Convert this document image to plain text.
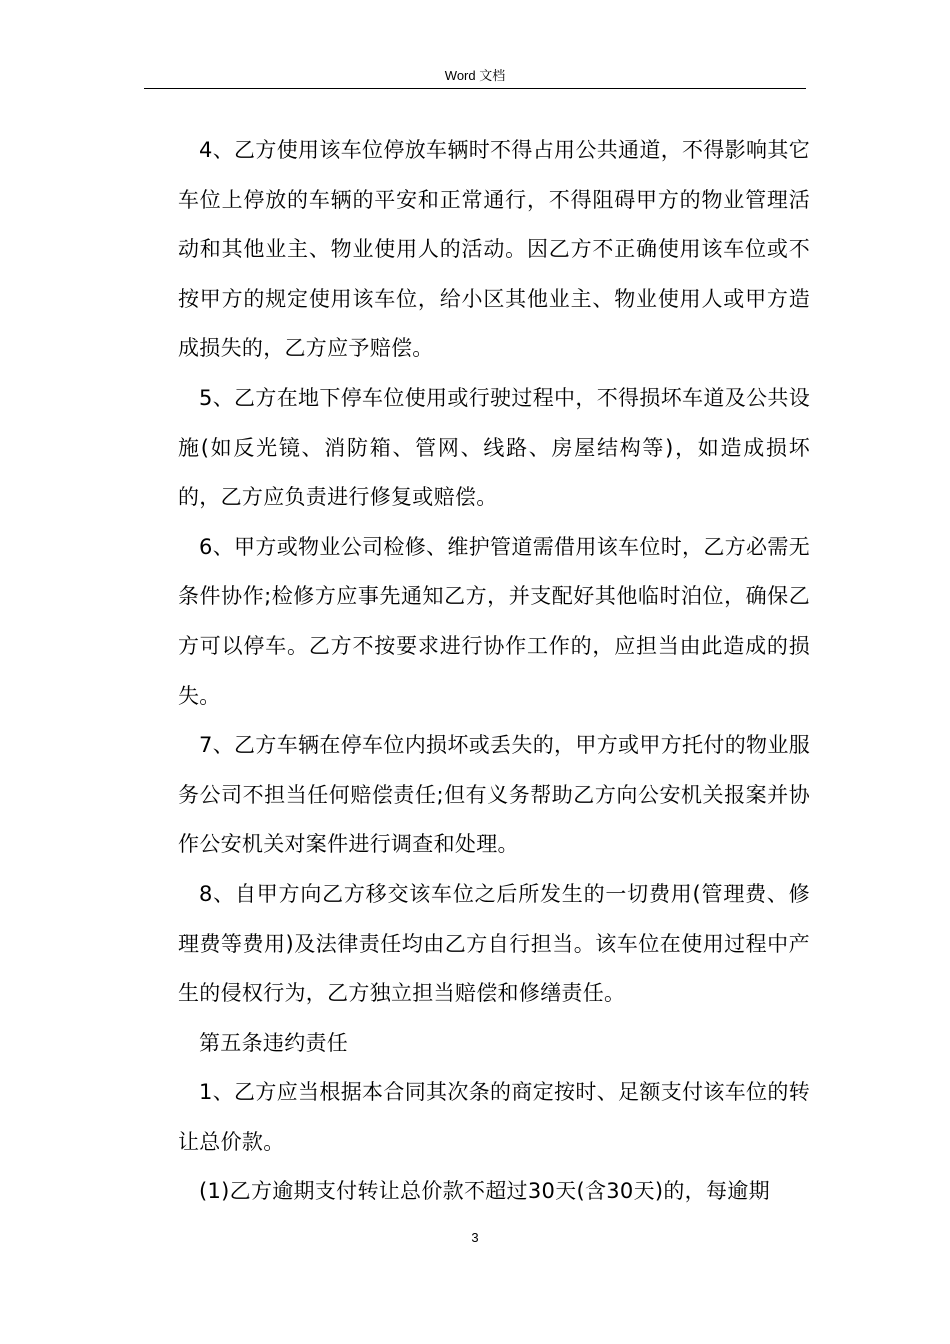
Word 文档

4、乙方使用该车位停放车辆时不得占用公共通道，不得影响其它车位上停放的车辆的平安和正常通行，不得阻碍甲方的物业管理活动和其他业主、物业使用人的活动。因乙方不正确使用该车位或不按甲方的规定使用该车位，给小区其他业主、物业使用人或甲方造成损失的，乙方应予赔偿。

5、乙方在地下停车位使用或行驶过程中，不得损坏车道及公共设施(如反光镜、消防箱、管网、线路、房屋结构等)，如造成损坏的，乙方应负责进行修复或赔偿。

6、甲方或物业公司检修、维护管道需借用该车位时，乙方必需无条件协作;检修方应事先通知乙方，并支配好其他临时泊位，确保乙方可以停车。乙方不按要求进行协作工作的，应担当由此造成的损失。

7、乙方车辆在停车位内损坏或丢失的，甲方或甲方托付的物业服务公司不担当任何赔偿责任;但有义务帮助乙方向公安机关报案并协作公安机关对案件进行调查和处理。

8、自甲方向乙方移交该车位之后所发生的一切费用(管理费、修理费等费用)及法律责任均由乙方自行担当。该车位在使用过程中产生的侵权行为，乙方独立担当赔偿和修缮责任。

第五条违约责任

1、乙方应当根据本合同其次条的商定按时、足额支付该车位的转让总价款。

(1)乙方逾期支付转让总价款不超过30天(含30天)的，每逾期

3
